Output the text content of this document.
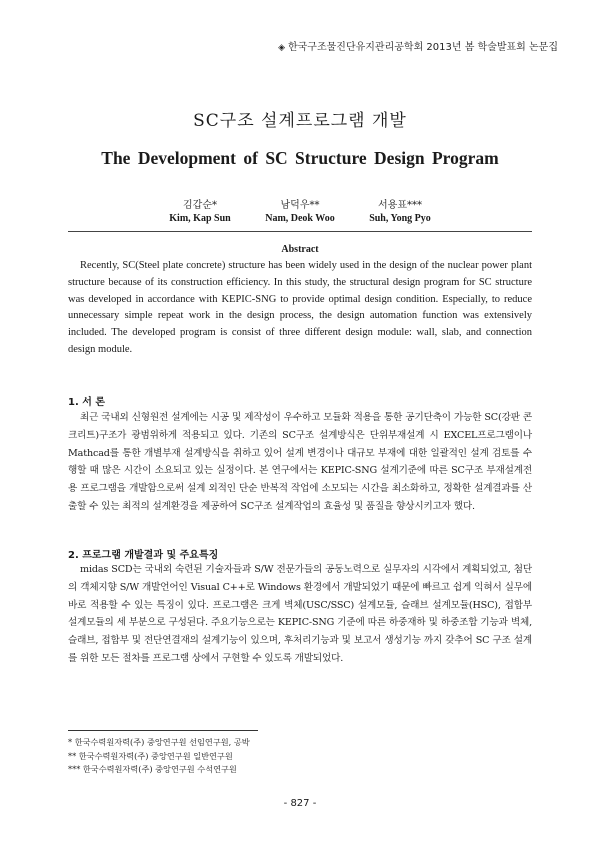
◈ 한국구조물진단유지관리공학회 2013년 봄 학술발표회 논문집
SC구조 설계프로그램 개발
The Development of SC Structure Design Program
김갑순*
Kim, Kap Sun
남덕우**
Nam, Deok Woo
서용표***
Suh, Yong Pyo
Abstract
Recently, SC(Steel plate concrete) structure has been widely used in the design of the nuclear power plant structure because of its construction efficiency. In this study, the structural design program for SC structure was developed in accordance with KEPIC-SNG to provide optimal design condition. Especially, to reduce unnecessary simple repeat work in the design process, the design automation function was extensively included. The developed program is consist of three different design module: wall, slab, and connection design module.
1. 서 론
최근 국내외 신형원전 설계에는 시공 및 제작성이 우수하고 모듈화 적용을 통한 공기단축이 가능한 SC(강판 콘크리트)구조가 광범위하게 적용되고 있다. 기존의 SC구조 설계방식은 단위부재설계 시 EXCEL프로그램이나 Mathcad를 통한 개별부재 설계방식을 취하고 있어 설계 변경이나 대규모 부재에 대한 일괄적인 설계 검토를 수행할 때 많은 시간이 소요되고 있는 실정이다. 본 연구에서는 KEPIC-SNG 설계기준에 따른 SC구조 부재설계전용 프로그램을 개발함으로써 설계 외적인 단순 반복적 작업에 소모되는 시간을 최소화하고, 정확한 설계결과를 산출할 수 있는 최적의 설계환경을 제공하여 SC구조 설계작업의 효율성 및 품질을 향상시키고자 했다.
2. 프로그램 개발결과 및 주요특징
midas SCD는 국내외 숙련된 기술자들과 S/W 전문가들의 공동노력으로 실무자의 시각에서 계획되었고, 첨단의 객체지향 S/W 개발언어인 Visual C++로 Windows 환경에서 개발되었기 때문에 빠르고 쉽게 익혀서 실무에 바로 적용할 수 있는 특징이 있다. 프로그램은 크게 벽체(USC/SSC) 설계모듈, 슬래브 설계모듈(HSC), 접합부 설계모듈의 세 부분으로 구성된다. 주요기능으로는 KEPIC-SNG 기준에 따른 하중재하 및 하중조합 기능과 벽체, 슬래브, 접합부 및 전단연결재의 설계기능이 있으며, 후처리기능과 및 보고서 생성기능 까지 갖추어 SC 구조 설계를 위한 모든 절차를 프로그램 상에서 구현할 수 있도록 개발되었다.
* 한국수력원자력(주) 중앙연구원 선임연구원, 공박
** 한국수력원자력(주) 중앙연구원 일반연구원
*** 한국수력원자력(주) 중앙연구원 수석연구원
- 827 -
